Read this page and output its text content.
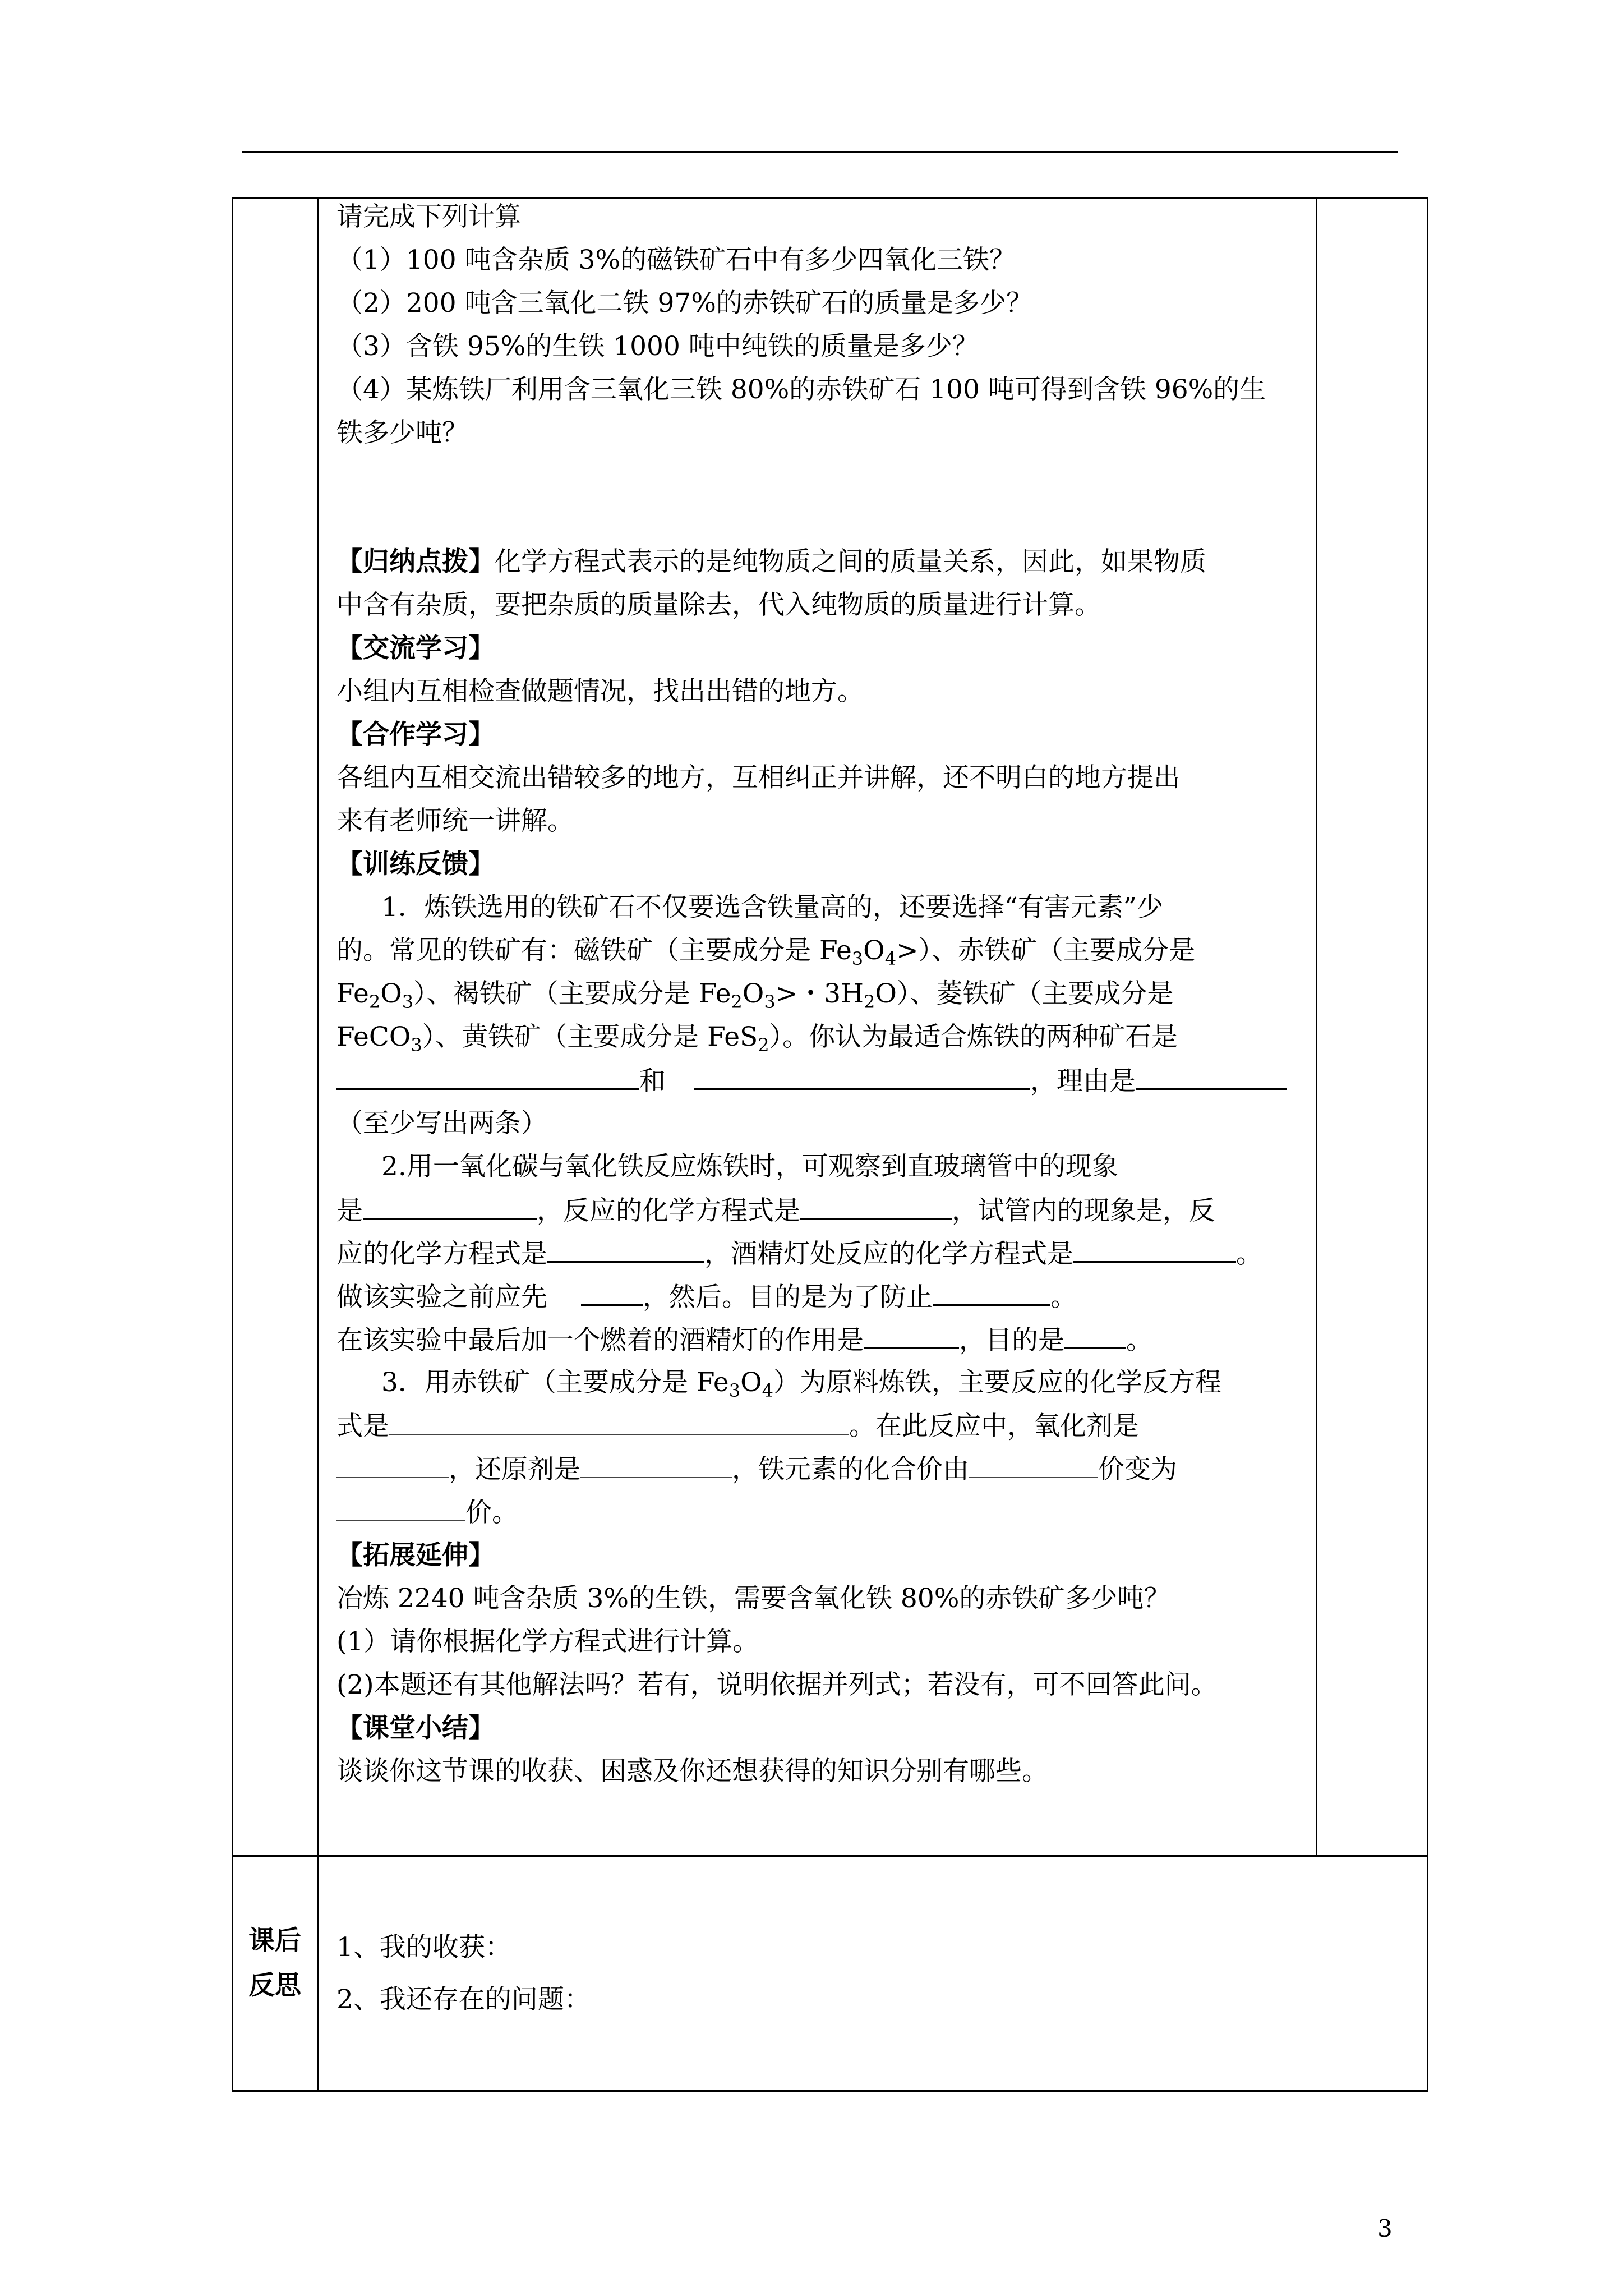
请完成下列计算
（1）100 吨含杂质 3%的磁铁矿石中有多少四氧化三铁？
（2）200 吨含三氧化二铁 97%的赤铁矿石的质量是多少？
（3）含铁 95%的生铁 1000 吨中纯铁的质量是多少？
（4）某炼铁厂利用含三氧化三铁 80%的赤铁矿石 100 吨可得到含铁 96%的生
铁多少吨？
【归纳点拨】化学方程式表示的是纯物质之间的质量关系，因此，如果物质
中含有杂质，要把杂质的质量除去，代入纯物质的质量进行计算。
【交流学习】
小组内互相检查做题情况，找出出错的地方。
【合作学习】
各组内互相交流出错较多的地方，互相纠正并讲解，还不明白的地方提出
来有老师统一讲解。
【训练反馈】
1．炼铁选用的铁矿石不仅要选含铁量高的，还要选择“有害元素”少
的。常见的铁矿有：磁铁矿（主要成分是 $Fe_3O_4>$）、赤铁矿（主要成分是
$Fe_2O_3$）、褐铁矿（主要成分是 $Fe_2O_3>$・$3H_2O$）、菱铁矿（主要成分是
FeCO$_3$）、黄铁矿（主要成分是 FeS$_2$）。你认为最适合炼铁的两种矿石是
和	，理由是
（至少写出两条）
2.用一氧化碳与氧化铁反应炼铁时，可观察到直玻璃管中的现象
是	，反应的化学方程式是	，试管内的现象是，反
应的化学方程式是	，酒精灯处反应的化学方程式是	。
做该实验之前应先	，然后。目的是为了防止	。
在该实验中最后加一个燃着的酒精灯的作用是	，目的是 。
3．用赤铁矿（主要成分是 $Fe_3O_4$）为原料炼铁，主要反应的化学反方程
式是	。在此反应中，氧化剂是
，还原剂是	，铁元素的化合价由	价变为
价。
【拓展延伸】
冶炼 2240 吨含杂质 3%的生铁，需要含氧化铁 80%的赤铁矿多少吨？
(1）请你根据化学方程式进行计算。
(2)本题还有其他解法吗？若有，说明依据并列式；若没有，可不回答此问。
【课堂小结】
谈谈你这节课的收获、困惑及你还想获得的知识分别有哪些。
课后
反思
1、我的收获：
2、我还存在的问题：
3
